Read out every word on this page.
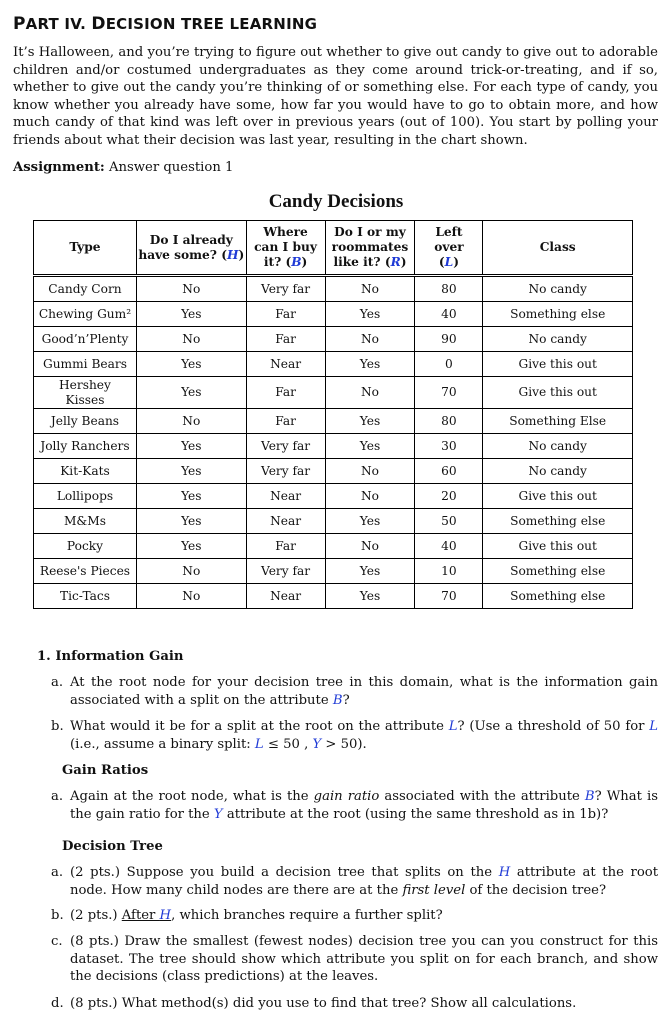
PART IV. DECISION TREE LEARNING

It’s Halloween, and you’re trying to figure out whether to give out candy to give out to adorable children and/or costumed undergraduates as they come around trick-or-treating, and if so, whether to give out the candy you’re thinking of or something else. For each type of candy, you know whether you already have some, how far you would have to go to obtain more, and how much candy of that kind was left over in previous years (out of 100). You start by polling your friends about what their decision was last year, resulting in the chart shown.

Assignment: Answer question 1

Candy Decisions
Type	Do I already have some? (H)	Where can I buy it? (B)	Do I or my roommates like it? (R)	Left over (L)	Class
Candy Corn	No	Very far	No	80	No candy
Chewing Gum²	Yes	Far	Yes	40	Something else
Good’n’Plenty	No	Far	No	90	No candy
Gummi Bears	Yes	Near	Yes	0	Give this out
Hershey Kisses	Yes	Far	No	70	Give this out
Jelly Beans	No	Far	Yes	80	Something Else
Jolly Ranchers	Yes	Very far	Yes	30	No candy
Kit-Kats	Yes	Very far	No	60	No candy
Lollipops	Yes	Near	No	20	Give this out
M&Ms	Yes	Near	Yes	50	Something else
Pocky	Yes	Far	No	40	Give this out
Reese's Pieces	No	Very far	Yes	10	Something else
Tic-Tacs	No	Near	Yes	70	Something else
1. Information Gain
a. At the root node for your decision tree in this domain, what is the information gain associated with a split on the attribute B?
b. What would it be for a split at the root on the attribute L? (Use a threshold of 50 for L (i.e., assume a binary split: L ≤ 50 , Y > 50).
Gain Ratios
a. Again at the root node, what is the gain ratio associated with the attribute B? What is the gain ratio for the Y attribute at the root (using the same threshold as in 1b)?
Decision Tree
a. (2 pts.) Suppose you build a decision tree that splits on the H attribute at the root node. How many child nodes are there are at the first level of the decision tree?
b. (2 pts.) After H, which branches require a further split?
c. (8 pts.) Draw the smallest (fewest nodes) decision tree you can you construct for this dataset. The tree should show which attribute you split on for each branch, and show the decisions (class predictions) at the leaves.
d. (8 pts.) What method(s) did you use to find that tree? Show all calculations.
